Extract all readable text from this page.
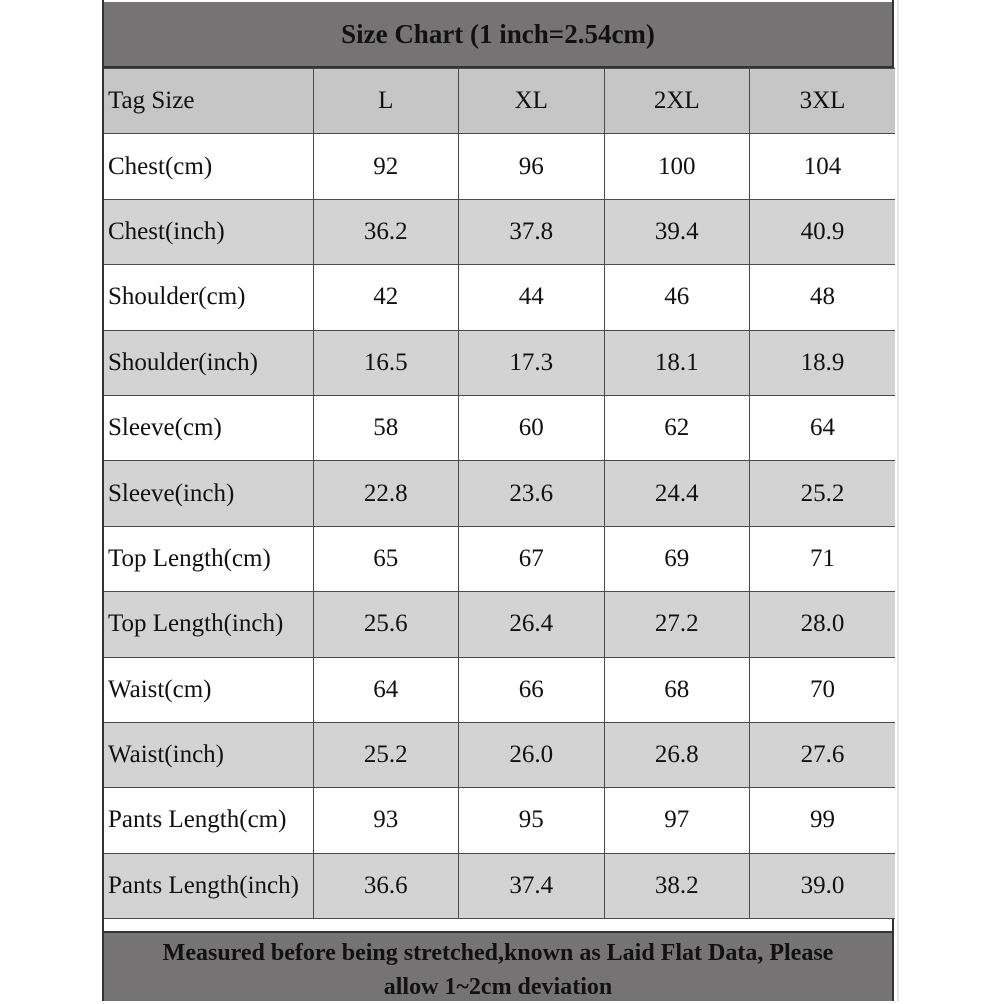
Size Chart (1 inch=2.54cm)
Tag Size	L	XL	2XL	3XL
Chest(cm)	92	96	100	104
Chest(inch)	36.2	37.8	39.4	40.9
Shoulder(cm)	42	44	46	48
Shoulder(inch)	16.5	17.3	18.1	18.9
Sleeve(cm)	58	60	62	64
Sleeve(inch)	22.8	23.6	24.4	25.2
Top Length(cm)	65	67	69	71
Top Length(inch)	25.6	26.4	27.2	28.0
Waist(cm)	64	66	68	70
Waist(inch)	25.2	26.0	26.8	27.6
Pants Length(cm)	93	95	97	99
Pants Length(inch)	36.6	37.4	38.2	39.0
Measured before being stretched,known as Laid Flat Data, Please
allow 1~2cm deviation
